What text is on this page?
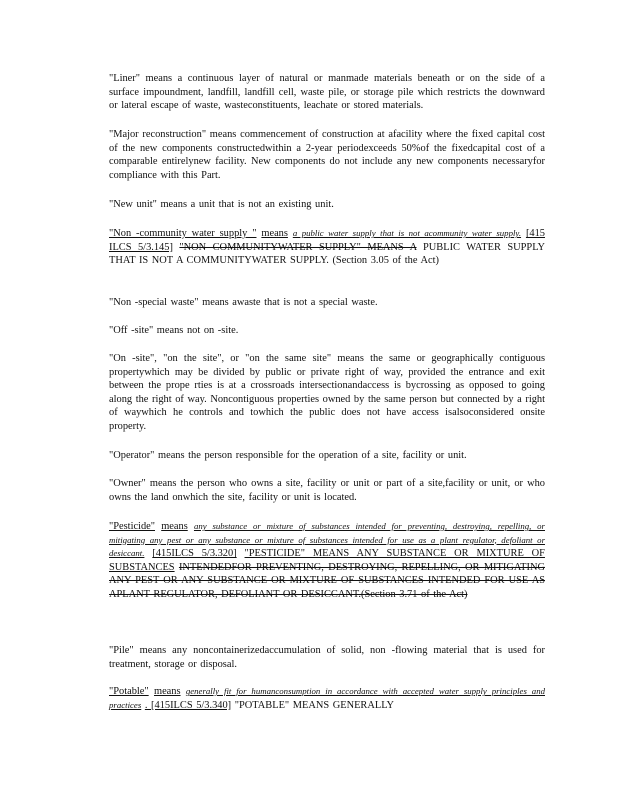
"Liner" means a continuous layer of natural or manmade materials beneath or on the side of a surface impoundment, landfill, landfill cell, waste pile, or storage pile which restricts the downward or lateral escape of waste, wasteconstituents, leachate or stored materials.

"Major reconstruction" means commencement of construction at afacility where the fixed capital cost of the new components constructedwithin a 2-year periodexceeds 50%of the fixedcapital cost of a comparable entirelynew facility. New components do not include any new components necessaryfor compliance with this Part.

"New unit" means a unit that is not an existing unit.

"Non -community water supply " means a public water supply that is not acommunity water supply. [415 ILCS 5/3.145] "NON COMMUNITYWATER SUPPLY" MEANS A PUBLIC WATER SUPPLY THAT IS NOT A COMMUNITYWATER SUPPLY. (Section 3.05 of the Act)

"Non -special waste" means awaste that is not a special waste.

"Off -site" means not on -site.

"On -site", "on the site", or "on the same site" means the same or geographically contiguous propertywhich may be divided by public or private right of way, provided the entrance and exit between the prope rties is at a crossroads intersectionandaccess is bycrossing as opposed to going along the right of way. Noncontiguous properties owned by the same person but connected by a right of waywhich he controls and towhich the public does not have access isalsoconsidered onsite property.

"Operator" means the person responsible for the operation of a site, facility or unit.

"Owner" means the person who owns a site, facility or unit or part of a site,facility or unit, or who owns the land onwhich the site, facility or unit is located.

"Pesticide" means any substance or mixture of substances intended for preventing, destroying, repelling, or mitigating any pest or any substance or mixture of substances intended for use as a plant regulator, defoliant or desiccant. [415ILCS 5/3.320] "PESTICIDE" MEANS ANY SUBSTANCE OR MIXTURE OF SUBSTANCES INTENDEDFOR PREVENTING, DESTROYING, REPELLING, OR MITIGATING ANY PEST OR ANY SUBSTANCE OR MIXTURE OF SUBSTANCES INTENDED FOR USE AS APLANT REGULATOR, DEFOLIANT OR DESICCANT.(Section 3.71 of the Act)

"Pile" means any noncontainerizedaccumulation of solid, non -flowing material that is used for treatment, storage or disposal.

"Potable" means generally fit for humanconsumption in accordance with accepted water supply principles and practices . [415ILCS 5/3.340] "POTABLE" MEANS GENERALLY
